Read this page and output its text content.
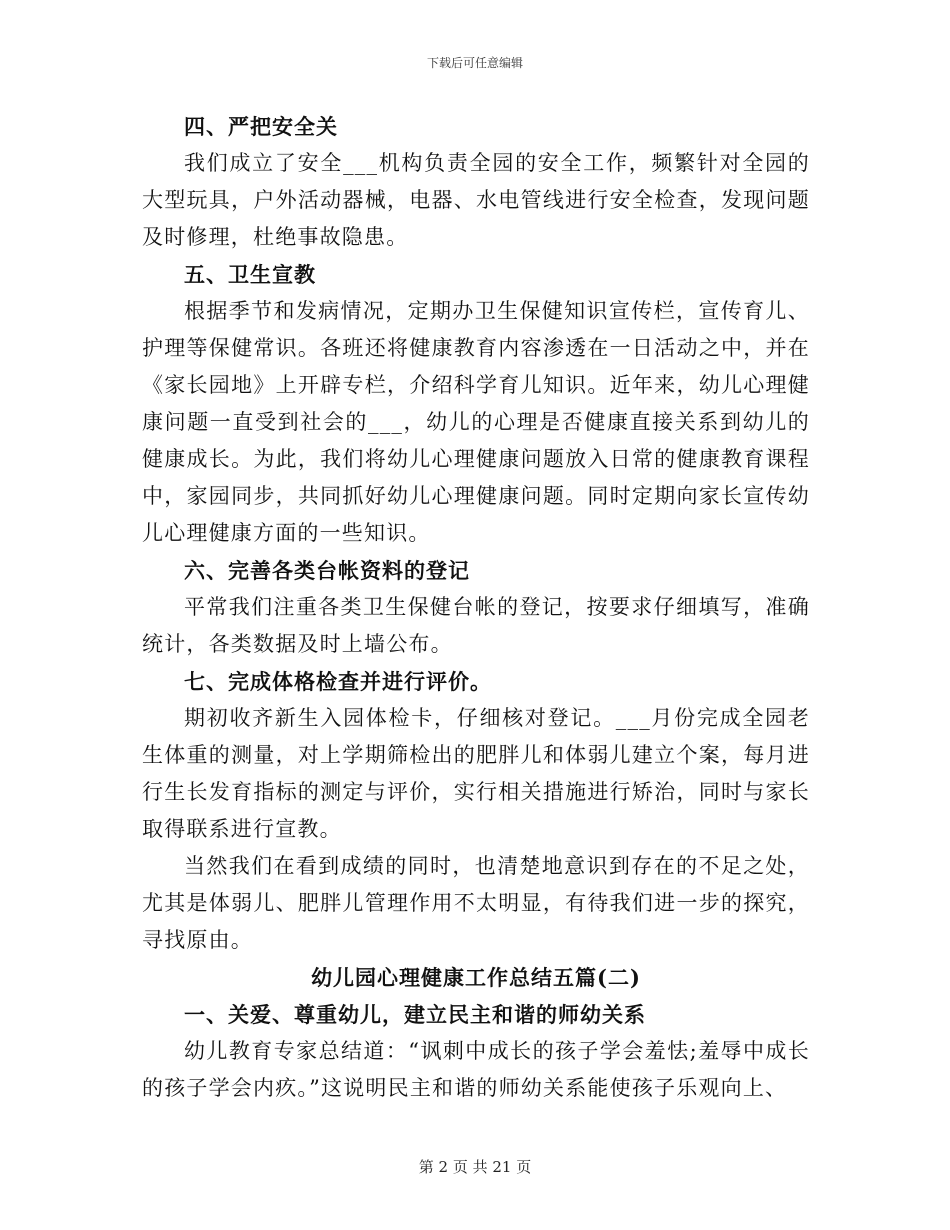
下载后可任意编辑

四、严把安全关

我们成立了安全___机构负责全园的安全工作，频繁针对全园的大型玩具，户外活动器械，电器、水电管线进行安全检查，发现问题及时修理，杜绝事故隐患。

五、卫生宣教

根据季节和发病情况，定期办卫生保健知识宣传栏，宣传育儿、护理等保健常识。各班还将健康教育内容渗透在一日活动之中，并在《家长园地》上开辟专栏，介绍科学育儿知识。近年来，幼儿心理健康问题一直受到社会的___，幼儿的心理是否健康直接关系到幼儿的健康成长。为此，我们将幼儿心理健康问题放入日常的健康教育课程中，家园同步，共同抓好幼儿心理健康问题。同时定期向家长宣传幼儿心理健康方面的一些知识。

六、完善各类台帐资料的登记

平常我们注重各类卫生保健台帐的登记，按要求仔细填写，准确统计，各类数据及时上墙公布。

七、完成体格检查并进行评价。

期初收齐新生入园体检卡，仔细核对登记。___月份完成全园老生体重的测量，对上学期筛检出的肥胖儿和体弱儿建立个案，每月进行生长发育指标的测定与评价，实行相关措施进行矫治，同时与家长取得联系进行宣教。

当然我们在看到成绩的同时，也清楚地意识到存在的不足之处，尤其是体弱儿、肥胖儿管理作用不太明显，有待我们进一步的探究，寻找原由。

幼儿园心理健康工作总结五篇(二)

一、关爱、尊重幼儿，建立民主和谐的师幼关系

幼儿教育专家总结道：“讽刺中成长的孩子学会羞怯;羞辱中成长的孩子学会内疚。”这说明民主和谐的师幼关系能使孩子乐观向上、

第 2 页 共 21 页
